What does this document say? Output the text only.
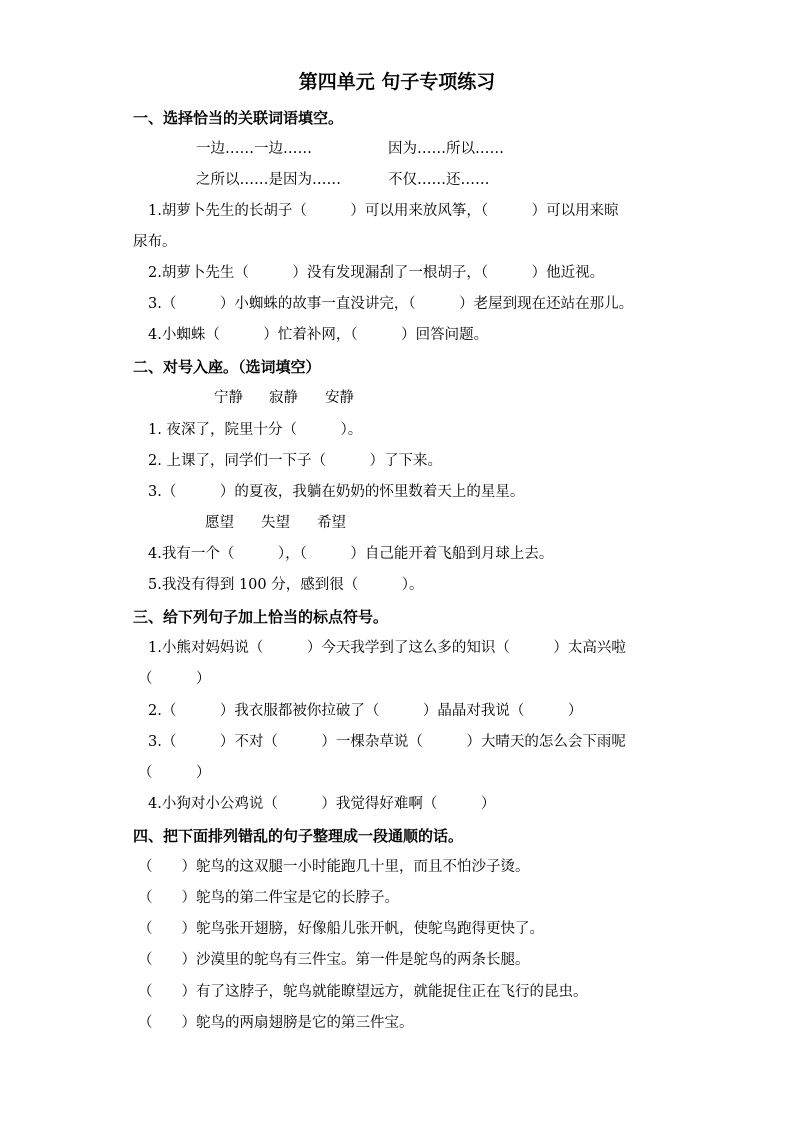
第四单元 句子专项练习
一、选择恰当的关联词语填空。
一边……一边……	因为……所以……
之所以……是因为……	不仅……还……
1.胡萝卜先生的长胡子（　　　）可以用来放风筝，（　　　）可以用来晾
尿布。
2.胡萝卜先生（　　　）没有发现漏刮了一根胡子，（　　　）他近视。
3.（　　　）小蜘蛛的故事一直没讲完，（　　　）老屋到现在还站在那儿。
4.小蜘蛛（　　　）忙着补网，（　　　）回答问题。
二、对号入座。（选词填空）
宁静 寂静 安静
1. 夜深了，院里十分（　　　）。
2. 上课了，同学们一下子（　　　）了下来。
3.（　　　）的夏夜，我躺在奶奶的怀里数着天上的星星。
愿望 失望 希望
4.我有一个（　　　），（　　　）自己能开着飞船到月球上去。
5.我没有得到 100 分，感到很（　　　）。
三、给下列句子加上恰当的标点符号。
1.小熊对妈妈说（　　　）今天我学到了这么多的知识（　　　）太高兴啦
（　　　）
2.（　　　）我衣服都被你拉破了（　　　）晶晶对我说（　　　）
3.（　　　）不对（　　　）一棵杂草说（　　　）大晴天的怎么会下雨呢
（　　　）
4.小狗对小公鸡说（　　　）我觉得好难啊（　　　）
四、把下面排列错乱的句子整理成一段通顺的话。
（　　）鸵鸟的这双腿一小时能跑几十里，而且不怕沙子烫。
（　　）鸵鸟的第二件宝是它的长脖子。
（　　）鸵鸟张开翅膀，好像船儿张开帆，使鸵鸟跑得更快了。
（　　）沙漠里的鸵鸟有三件宝。第一件是鸵鸟的两条长腿。
（　　）有了这脖子，鸵鸟就能瞭望远方，就能捉住正在飞行的昆虫。
（　　）鸵鸟的两扇翅膀是它的第三件宝。
